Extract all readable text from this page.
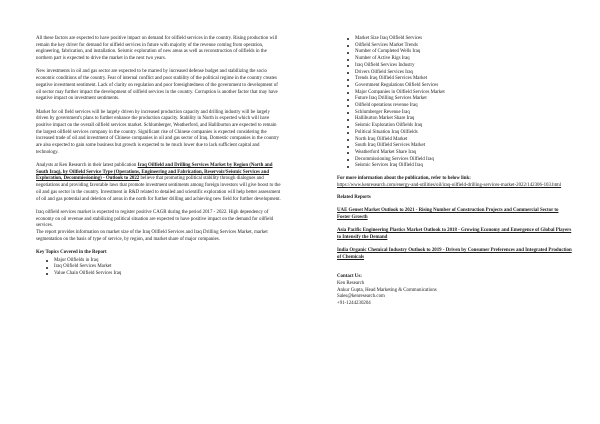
All these factors are expected to have positive impact on demand for oilfield services in the country. Rising production will remain the key driver for demand for oilfield services in future with majority of the revenue coming from operation, engineering, fabrication, and installation. Seismic exploration of new areas as well as reconstruction of oilfields in the northern part is expected to drive the market in the next two years.

New investments in oil and gas sector are expected to be marred by increased defense budget and stabilizing the socio economic conditions of the country. Fear of internal conflict and poor stability of the political regime in the country creates negative investment sentiment. Lack of clarity on regulation and poor foresightedness of the government to development of oil sector may further impact the development of oilfield services in the country. Corruption is another factor that may have negative impact on investment sentiments.

Market for oil field services will be largely driven by increased production capacity and drilling industry will be largely driven by government's plans to further enhance the production capacity. Stability in North is expected which will have positive impact on the overall oilfield services market. Schlumberger, Weatherford, and Halliburton are expected to remain the largest oilfield services company in the country. Significant rise of Chinese companies is expected considering the increased trade of oil and investment of Chinese companies in oil and gas sector of Iraq. Domestic companies in the country are also expected to gain some business but growth is expected to be much lower due to lack sufficient capital and technology.

Analysts at Ken Research in their latest publication Iraq Oilfield and Drilling Services Market by Region (North and South Iraq), by Oilfield Service Type (Operations, Engineering and Fabrication, Reservoir/Seismic Services and Exploration, Decommissioning) - Outlook to 2022 believe that promoting political stability through dialogues and negotiations and providing favorable laws that promote investment sentiments among foreign investors will give boost to the oil and gas sector in the country. Investment in R&D related to detailed and scientific exploration will help better assessment of oil and gas potential and deletion of areas in the north for further drilling and achieving new field for further development.

Iraq oilfield services market is expected to register positive CAGR during the period 2017 - 2022. High dependency of economy on oil revenue and stabilizing political situation are expected to have positive impact on the demand for oilfield services.

The report provides information on market size of the Iraq Oilfield Services and Iraq Drilling Services Market, market segmentation on the basis of type of service, by region, and market share of major companies.

Key Topics Covered in the Report
Major Oilfields in Iraq
Iraq Oilfield Services Market
Value Chain Oilfield Services Iraq
Market Size Iraq Oilfield Services
Oilfield Services Market Trends
Number of Completed Wells Iraq
Number of Active Rigs Iraq
Iraq Oilfield Services Industry
Drivers Oilfield Services Iraq
Trends Iraq Oilfield Services Market
Government Regulations Oilfield Services
Major Companies in Oilfield Services Market
Future Iraq Drilling Services Market
Oilfield operations revenue Iraq
Schlumberger Revenue Iraq
Halliburton Market Share Iraq
Seismic Exploration Oilfields Iraq
Political Situation Iraq Oilfields
North Iraq Oilfield Market
South Iraq Oilfield Services Market
Weatherford Market Share Iraq
Decommissioning Services Oilfield Iraq
Seismic Services Iraq Oilfield Iraq
For more information about the publication, refer to below link:
https://www.kenresearch.com/energy-and-utilities/oil/iraq-oilfield-drilling-services-market-2022/142306-103.html
Related Reports

UAE Genset Market Outlook to 2021 - Rising Number of Construction Projects and Commercial Sector to Foster Growth

Asia Pacific Engineering Plastics Market Outlook to 2018 - Growing Economy and Emergence of Global Players to Intensify the Demand

India Organic Chemical Industry Outlook to 2019 - Driven by Consumer Preferences and Integrated Production of Chemicals

Contact Us:
Ken Research
Ankur Gupta, Head Marketing & Communications
Sales@kenresearch.com
+91-1244230204
